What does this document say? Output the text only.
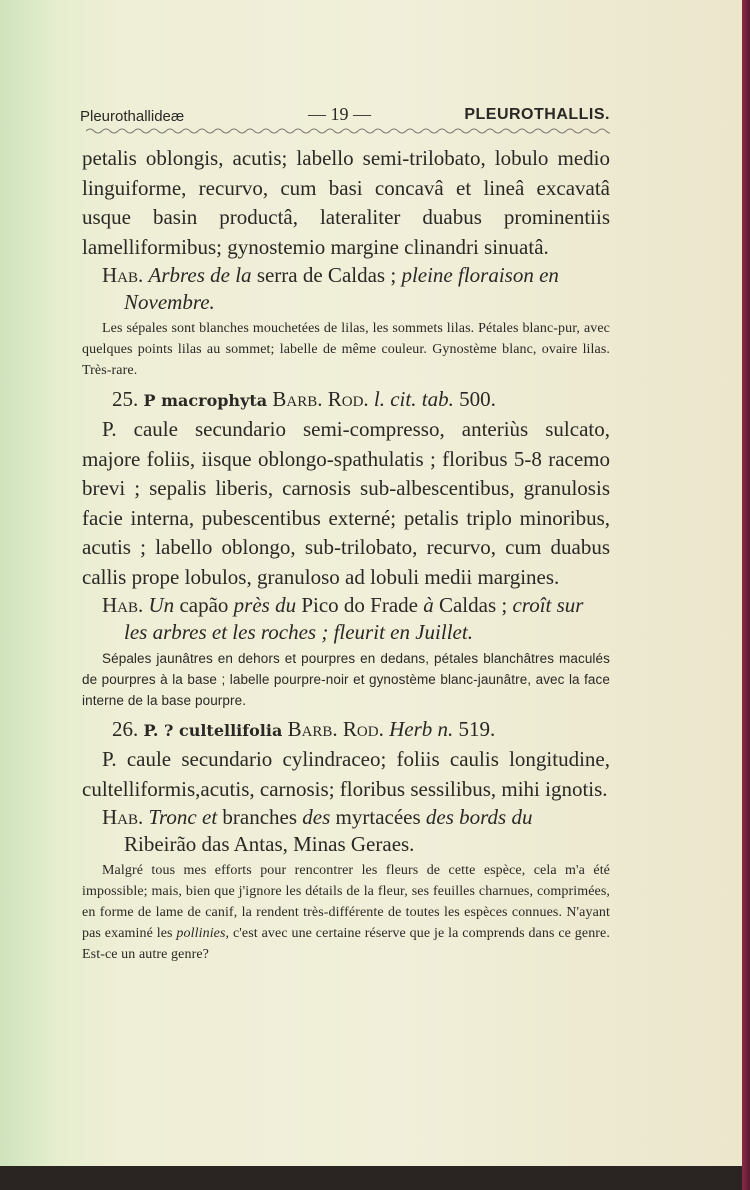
Pleurothallideæ	— 19 —	PLEUROTHALLIS.

petalis oblongis, acutis; labello semi-trilobato, lobulo medio linguiforme, recurvo, cum basi concavâ et lineâ excavatâ usque basin productâ, lateraliter duabus prominentiis lamelliformibus; gynostemio margine clinandri sinuatâ.

Hab. Arbres de la serra de Caldas ; pleine floraison en Novembre.

Les sépales sont blanches mouchetées de lilas, les sommets lilas. Pétales blanc-pur, avec quelques points lilas au sommet; labelle de même couleur. Gynostème blanc, ovaire lilas. Très-rare.

25. P macrophyta Barb. Rod. l. cit. tab. 500.

P. caule secundario semi-compresso, anteriùs sulcato, majore foliis, iisque oblongo-spathulatis ; floribus 5-8 racemo brevi ; sepalis liberis, carnosis sub-albescentibus, granulosis facie interna, pubescentibus externé; petalis triplo minoribus, acutis ; labello oblongo, sub-trilobato, recurvo, cum duabus callis prope lobulos, granuloso ad lobuli medii margines.

Hab. Un capão près du Pico do Frade à Caldas ; croît sur les arbres et les roches ; fleurit en Juillet.

Sépales jaunâtres en dehors et pourpres en dedans, pétales blanchâtres maculés de pourpres à la base ; labelle pourpre-noir et gynostème blanc-jaunâtre, avec la face interne de la base pourpre.

26. P. ? cultellifolia Barb. Rod. Herb n. 519.

P. caule secundario cylindraceo; foliis caulis longitudine, cultelliformis,acutis, carnosis; floribus sessilibus, mihi ignotis.

Hab. Tronc et branches des myrtacées des bords du Ribeirão das Antas, Minas Geraes.

Malgré tous mes efforts pour rencontrer les fleurs de cette espèce, cela m'a été impossible; mais, bien que j'ignore les détails de la fleur, ses feuilles charnues, comprimées, en forme de lame de canif, la rendent très-différente de toutes les espèces connues. N'ayant pas examiné les pollinies, c'est avec une certaine réserve que je la comprends dans ce genre. Est-ce un autre genre?
